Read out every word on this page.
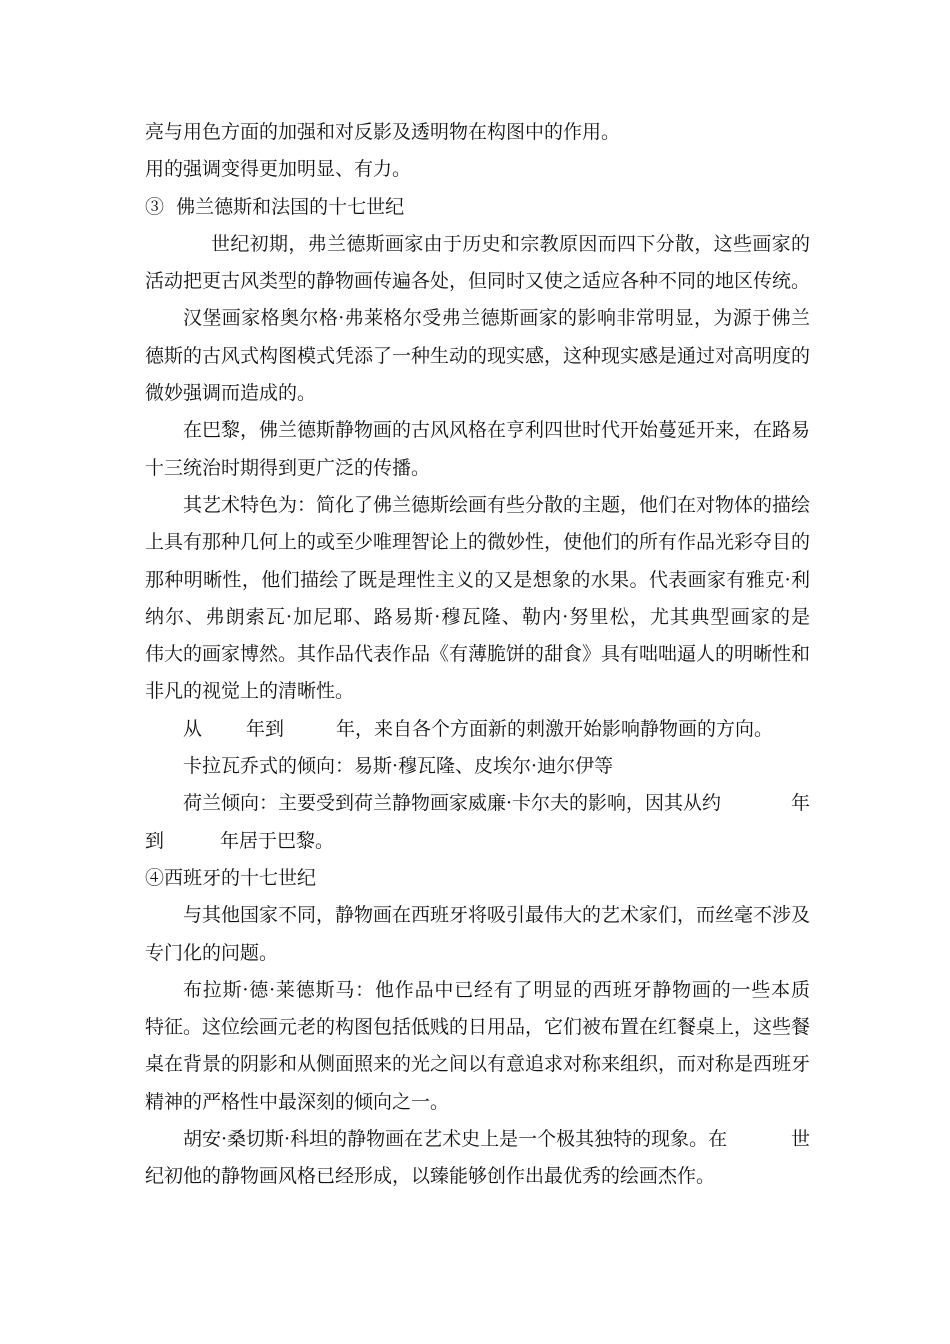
亮与用色方面的加强和对反影及透明物在构图中的作用。
用的强调变得更加明显、有力。
③  佛兰德斯和法国的十七世纪
世纪初期，弗兰德斯画家由于历史和宗教原因而四下分散，这些画家的
活动把更古风类型的静物画传遍各处，但同时又使之适应各种不同的地区传统。
汉堡画家格奥尔格·弗莱格尔受弗兰德斯画家的影响非常明显，为源于佛兰
德斯的古风式构图模式凭添了一种生动的现实感，这种现实感是通过对高明度的
微妙强调而造成的。
在巴黎，佛兰德斯静物画的古风风格在亨利四世时代开始蔓延开来，在路易
十三统治时期得到更广泛的传播。
其艺术特色为：简化了佛兰德斯绘画有些分散的主题，他们在对物体的描绘
上具有那种几何上的或至少唯理智论上的微妙性，使他们的所有作品光彩夺目的
那种明晰性，他们描绘了既是理性主义的又是想象的水果。代表画家有雅克·利
纳尔、弗朗索瓦·加尼耶、路易斯·穆瓦隆、勒内·努里松，尤其典型画家的是
伟大的画家博然。其作品代表作品《有薄脆饼的甜食》具有咄咄逼人的明晰性和
非凡的视觉上的清晰性。
从 年到	年，来自各个方面新的刺激开始影响静物画的方向。
卡拉瓦乔式的倾向：易斯·穆瓦隆、皮埃尔·迪尔伊等
荷兰倾向：主要受到荷兰静物画家威廉·卡尔夫的影响，因其从约	年
到	年居于巴黎。
④西班牙的十七世纪
与其他国家不同，静物画在西班牙将吸引最伟大的艺术家们，而丝毫不涉及
专门化的问题。
布拉斯·德·莱德斯马：他作品中已经有了明显的西班牙静物画的一些本质
特征。这位绘画元老的构图包括低贱的日用品，它们被布置在红餐桌上，这些餐
桌在背景的阴影和从侧面照来的光之间以有意追求对称来组织，而对称是西班牙
精神的严格性中最深刻的倾向之一。
胡安·桑切斯·科坦的静物画在艺术史上是一个极其独特的现象。在	世
纪初他的静物画风格已经形成，以臻能够创作出最优秀的绘画杰作。
